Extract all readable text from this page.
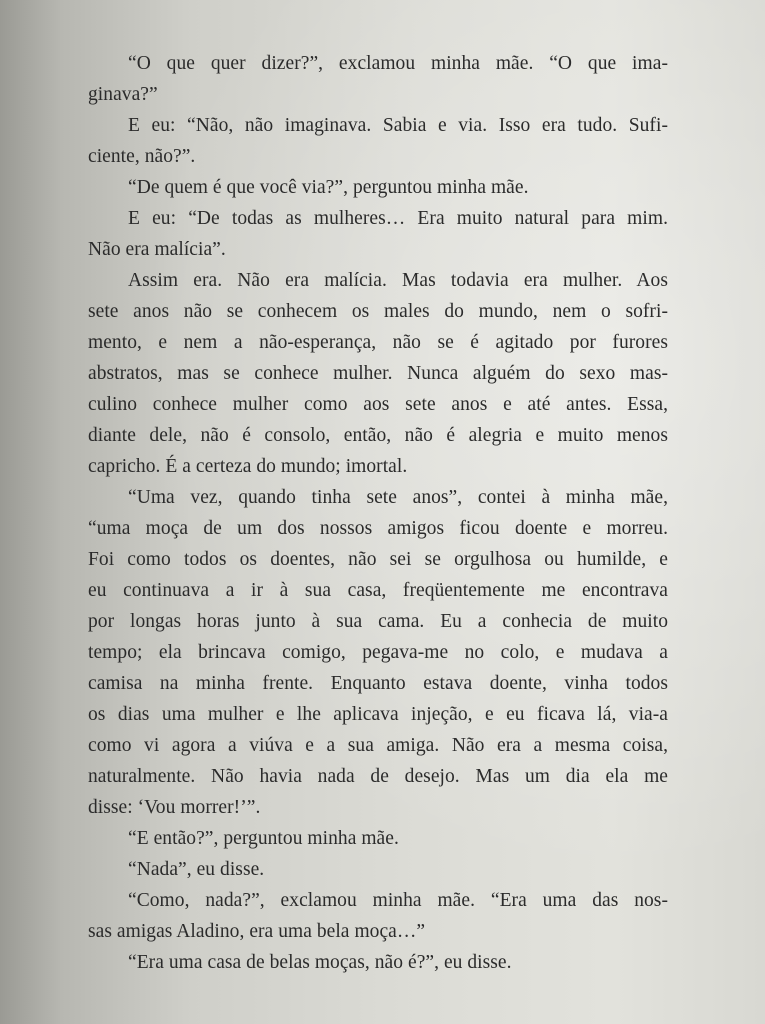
“O que quer dizer?”, exclamou minha mãe. “O que ima-
ginava?”
E eu: “Não, não imaginava. Sabia e via. Isso era tudo. Sufi-
ciente, não?”.
“De quem é que você via?”, perguntou minha mãe.
E eu: “De todas as mulheres… Era muito natural para mim.
Não era malícia”.
Assim era. Não era malícia. Mas todavia era mulher. Aos
sete anos não se conhecem os males do mundo, nem o sofri-
mento, e nem a não-esperança, não se é agitado por furores
abstratos, mas se conhece mulher. Nunca alguém do sexo mas-
culino conhece mulher como aos sete anos e até antes. Essa,
diante dele, não é consolo, então, não é alegria e muito menos
capricho. É a certeza do mundo; imortal.
“Uma vez, quando tinha sete anos”, contei à minha mãe,
“uma moça de um dos nossos amigos ficou doente e morreu.
Foi como todos os doentes, não sei se orgulhosa ou humilde, e
eu continuava a ir à sua casa, freqüentemente me encontrava
por longas horas junto à sua cama. Eu a conhecia de muito
tempo; ela brincava comigo, pegava-me no colo, e mudava a
camisa na minha frente. Enquanto estava doente, vinha todos
os dias uma mulher e lhe aplicava injeção, e eu ficava lá, via-a
como vi agora a viúva e a sua amiga. Não era a mesma coisa,
naturalmente. Não havia nada de desejo. Mas um dia ela me
disse: ‘Vou morrer!’”.
“E então?”, perguntou minha mãe.
“Nada”, eu disse.
“Como, nada?”, exclamou minha mãe. “Era uma das nos-
sas amigas Aladino, era uma bela moça…”
“Era uma casa de belas moças, não é?”, eu disse.
